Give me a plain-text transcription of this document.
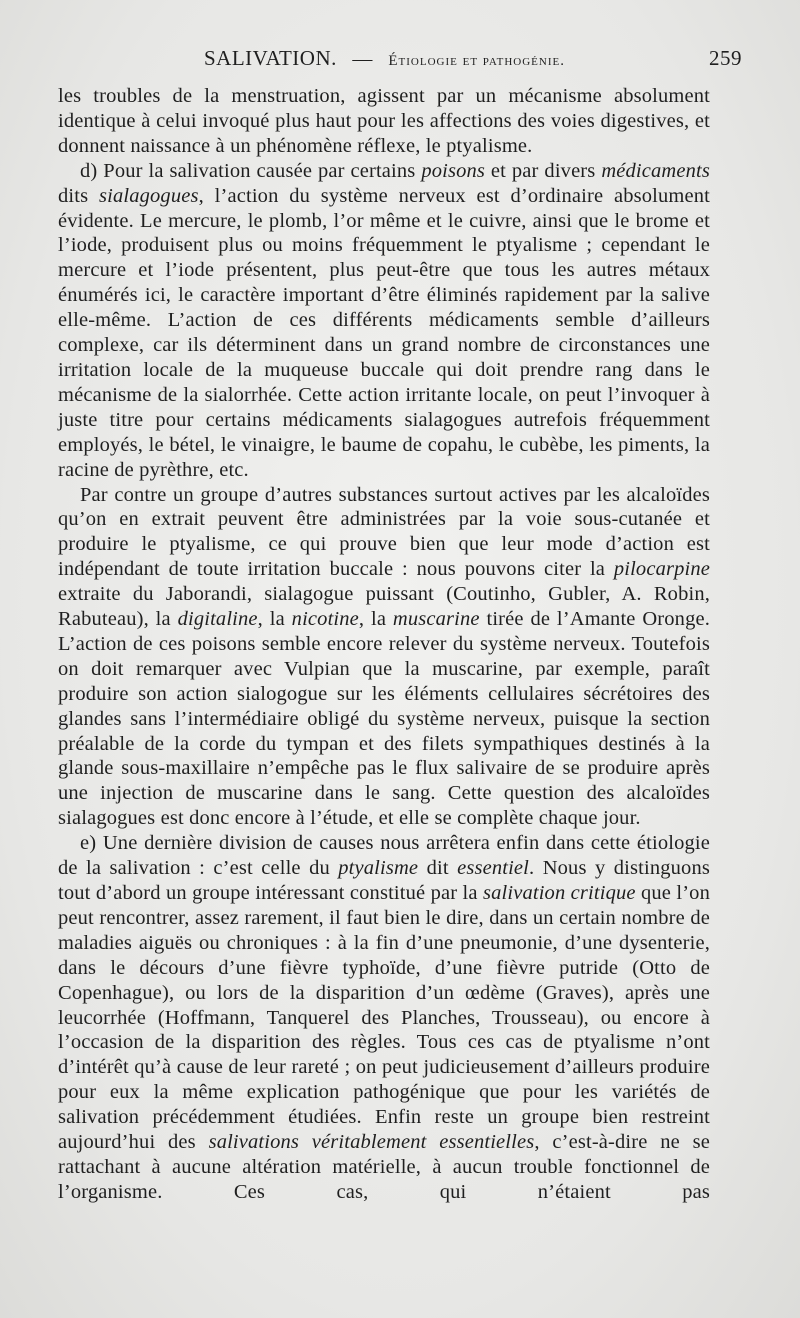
SALIVATION. — Étiologie et pathogénie.	259

les troubles de la menstruation, agissent par un mécanisme absolument identique à celui invoqué plus haut pour les affections des voies digestives, et donnent naissance à un phénomène réflexe, le ptyalisme.

d) Pour la salivation causée par certains poisons et par divers médicaments dits sialagogues, l’action du système nerveux est d’ordinaire absolument évidente. Le mercure, le plomb, l’or même et le cuivre, ainsi que le brome et l’iode, produisent plus ou moins fréquemment le ptyalisme ; cependant le mercure et l’iode présentent, plus peut-être que tous les autres métaux énumérés ici, le caractère important d’être éliminés rapidement par la salive elle-même. L’action de ces différents médicaments semble d’ailleurs complexe, car ils déterminent dans un grand nombre de circonstances une irritation locale de la muqueuse buccale qui doit prendre rang dans le mécanisme de la sialorrhée. Cette action irritante locale, on peut l’invoquer à juste titre pour certains médicaments sialagogues autrefois fréquemment employés, le bétel, le vinaigre, le baume de copahu, le cubèbe, les piments, la racine de pyrèthre, etc.

Par contre un groupe d’autres substances surtout actives par les alcaloïdes qu’on en extrait peuvent être administrées par la voie sous-cutanée et produire le ptyalisme, ce qui prouve bien que leur mode d’action est indépendant de toute irritation buccale : nous pouvons citer la pilocarpine extraite du Jaborandi, sialagogue puissant (Coutinho, Gubler, A. Robin, Rabuteau), la digitaline, la nicotine, la muscarine tirée de l’Amante Oronge. L’action de ces poisons semble encore relever du système nerveux. Toutefois on doit remarquer avec Vulpian que la muscarine, par exemple, paraît produire son action sialogogue sur les éléments cellulaires sécrétoires des glandes sans l’intermédiaire obligé du système nerveux, puisque la section préalable de la corde du tympan et des filets sympathiques destinés à la glande sous-maxillaire n’empêche pas le flux salivaire de se produire après une injection de muscarine dans le sang. Cette question des alcaloïdes sialagogues est donc encore à l’étude, et elle se complète chaque jour.

e) Une dernière division de causes nous arrêtera enfin dans cette étiologie de la salivation : c’est celle du ptyalisme dit essentiel. Nous y distinguons tout d’abord un groupe intéressant constitué par la salivation critique que l’on peut rencontrer, assez rarement, il faut bien le dire, dans un certain nombre de maladies aiguës ou chroniques : à la fin d’une pneumonie, d’une dysenterie, dans le décours d’une fièvre typhoïde, d’une fièvre putride (Otto de Copenhague), ou lors de la disparition d’un œdème (Graves), après une leucorrhée (Hoffmann, Tanquerel des Planches, Trousseau), ou encore à l’occasion de la disparition des règles. Tous ces cas de ptyalisme n’ont d’intérêt qu’à cause de leur rareté ; on peut judicieusement d’ailleurs produire pour eux la même explication pathogénique que pour les variétés de salivation précédemment étudiées. Enfin reste un groupe bien restreint aujourd’hui des salivations véritablement essentielles, c’est-à-dire ne se rattachant à aucune altération matérielle, à aucun trouble fonctionnel de l’organisme. Ces cas, qui n’étaient pas
